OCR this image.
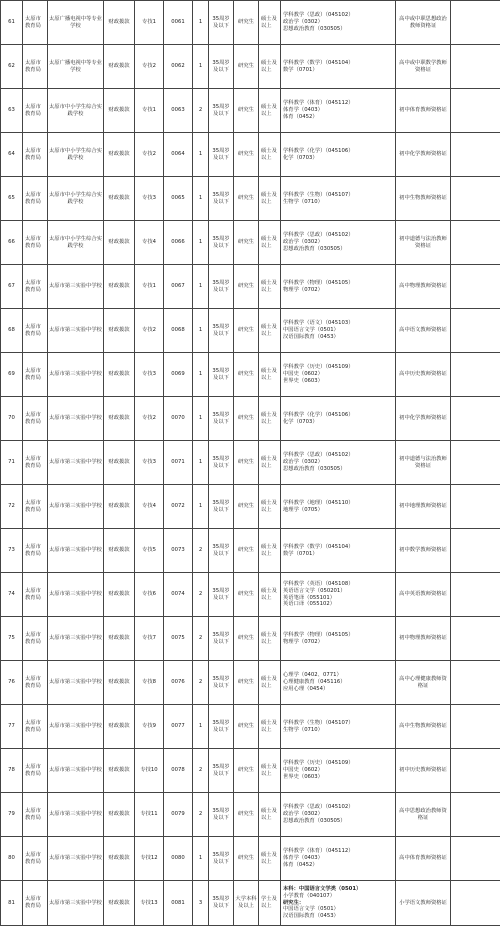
61	太原市教育局	太原广播电视中等专业学校	财政拨款	专技1	0061	1	35周岁及以下	研究生	硕士及以上	学科教学（思政）（045102）
政治学（0302）
思想政治教育（030505）	高中或中职思想政治教师资格证	
62	太原市教育局	太原广播电视中等专业学校	财政拨款	专技2	0062	1	35周岁及以下	研究生	硕士及以上	学科教学（数学）（045104）
数学（0701）	高中或中职数学教师资格证	
63	太原市教育局	太原市中小学生综合实践学校	财政拨款	专技1	0063	2	35周岁及以下	研究生	硕士及以上	学科教学（体育）（045112）
体育学（0403）
体育（0452）	初中体育教师资格证	
64	太原市教育局	太原市中小学生综合实践学校	财政拨款	专技2	0064	1	35周岁及以下	研究生	硕士及以上	学科教学（化学）（045106）
化学（0703）	初中化学教师资格证	
65	太原市教育局	太原市中小学生综合实践学校	财政拨款	专技3	0065	1	35周岁及以下	研究生	硕士及以上	学科教学（生物）（045107）
生物学（0710）	初中生物教师资格证	
66	太原市教育局	太原市中小学生综合实践学校	财政拨款	专技4	0066	1	35周岁及以下	研究生	硕士及以上	学科教学（思政）（045102）
政治学（0302）
思想政治教育（030505）	初中道德与法治教师资格证	
67	太原市教育局	太原市第三实验中学校	财政拨款	专技1	0067	1	35周岁及以下	研究生	硕士及以上	学科教学（物理）（045105）
物理学（0702）	高中物理教师资格证	
68	太原市教育局	太原市第三实验中学校	财政拨款	专技2	0068	1	35周岁及以下	研究生	硕士及以上	学科教学（语文）（045103）
中国语言文学（0501）
汉语国际教育（0453）	高中语文教师资格证	
69	太原市教育局	太原市第三实验中学校	财政拨款	专技3	0069	1	35周岁及以下	研究生	硕士及以上	学科教学（历史）（045109）
中国史（0602）
世界史（0603）	高中历史教师资格证	
70	太原市教育局	太原市第三实验中学校	财政拨款	专技2	0070	1	35周岁及以下	研究生	硕士及以上	学科教学（化学）（045106）
化学（0703）	初中化学教师资格证	
71	太原市教育局	太原市第三实验中学校	财政拨款	专技3	0071	1	35周岁及以下	研究生	硕士及以上	学科教学（思政）（045102）
政治学（0302）
思想政治教育（030505）	初中道德与法治教师资格证	
72	太原市教育局	太原市第三实验中学校	财政拨款	专技4	0072	1	35周岁及以下	研究生	硕士及以上	学科教学（地理）（045110）
地理学（0705）	初中地理教师资格证	
73	太原市教育局	太原市第三实验中学校	财政拨款	专技5	0073	2	35周岁及以下	研究生	硕士及以上	学科教学（数学）（045104）
数学（0701）	初中数学教师资格证	
74	太原市教育局	太原市第三实验中学校	财政拨款	专技6	0074	2	35周岁及以下	研究生	硕士及以上	学科教学（英语）（045108）
英语语言文学（050201）
英语笔译（055101）
英语口译（055102）	高中英语教师资格证	
75	太原市教育局	太原市第三实验中学校	财政拨款	专技7	0075	2	35周岁及以下	研究生	硕士及以上	学科教学（物理）（045105）
物理学（0702）	初中物理教师资格证	
76	太原市教育局	太原市第三实验中学校	财政拨款	专技8	0076	2	35周岁及以下	研究生	硕士及以上	心理学（0402、0771）
心理健康教育（045116）
应用心理（0454）	高中心理健康教师资格证	
77	太原市教育局	太原市第三实验中学校	财政拨款	专技9	0077	1	35周岁及以下	研究生	硕士及以上	学科教学（生物）（045107）
生物学（0710）	高中生物教师资格证	
78	太原市教育局	太原市第三实验中学校	财政拨款	专技10	0078	2	35周岁及以下	研究生	硕士及以上	学科教学（历史）（045109）
中国史（0602）
世界史（0603）	初中历史教师资格证	
79	太原市教育局	太原市第三实验中学校	财政拨款	专技11	0079	2	35周岁及以下	研究生	硕士及以上	学科教学（思政）（045102）
政治学（0302）
思想政治教育（030505）	高中思想政治教师资格证	
80	太原市教育局	太原市第三实验中学校	财政拨款	专技12	0080	1	35周岁及以下	研究生	硕士及以上	学科教学（体育）（045112）
体育学（0403）
体育（0452）	高中体育教师资格证	
81	太原市教育局	太原市第三实验中学校	财政拨款	专技13	0081	3	35周岁及以下	大学本科及以上	学士及以上	本科：中国语言文学类（0501）
小学教育（040107）
研究生：
中国语言文学（0501）
汉语国际教育（0453）	小学语文教师资格证	
